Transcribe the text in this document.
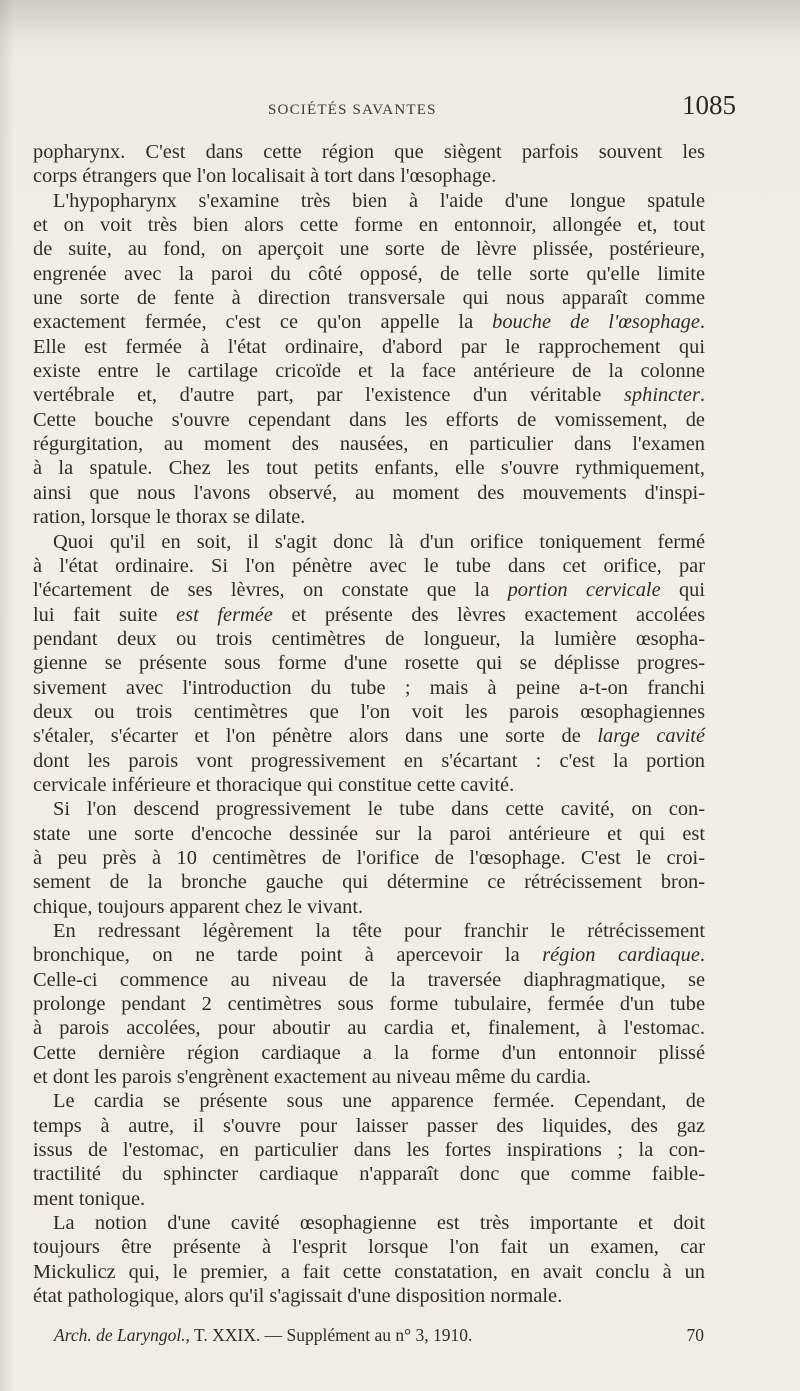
SOCIÉTÉS SAVANTES	1085

popharynx. C'est dans cette région que siègent parfois souvent les
corps étrangers que l'on localisait à tort dans l'œsophage.

L'hypopharynx s'examine très bien à l'aide d'une longue spatule
et on voit très bien alors cette forme en entonnoir, allongée et, tout
de suite, au fond, on aperçoit une sorte de lèvre plissée, postérieure,
engrenée avec la paroi du côté opposé, de telle sorte qu'elle limite
une sorte de fente à direction transversale qui nous apparaît comme
exactement fermée, c'est ce qu'on appelle la bouche de l'œsophage.
Elle est fermée à l'état ordinaire, d'abord par le rapprochement qui
existe entre le cartilage cricoïde et la face antérieure de la colonne
vertébrale et, d'autre part, par l'existence d'un véritable sphincter.
Cette bouche s'ouvre cependant dans les efforts de vomissement, de
régurgitation, au moment des nausées, en particulier dans l'examen
à la spatule. Chez les tout petits enfants, elle s'ouvre rythmiquement,
ainsi que nous l'avons observé, au moment des mouvements d'inspi-
ration, lorsque le thorax se dilate.

Quoi qu'il en soit, il s'agit donc là d'un orifice toniquement fermé
à l'état ordinaire. Si l'on pénètre avec le tube dans cet orifice, par
l'écartement de ses lèvres, on constate que la portion cervicale qui
lui fait suite est fermée et présente des lèvres exactement accolées
pendant deux ou trois centimètres de longueur, la lumière œsopha-
gienne se présente sous forme d'une rosette qui se déplisse progres-
sivement avec l'introduction du tube ; mais à peine a-t-on franchi
deux ou trois centimètres que l'on voit les parois œsophagiennes
s'étaler, s'écarter et l'on pénètre alors dans une sorte de large cavité
dont les parois vont progressivement en s'écartant : c'est la portion
cervicale inférieure et thoracique qui constitue cette cavité.

Si l'on descend progressivement le tube dans cette cavité, on con-
state une sorte d'encoche dessinée sur la paroi antérieure et qui est
à peu près à 10 centimètres de l'orifice de l'œsophage. C'est le croi-
sement de la bronche gauche qui détermine ce rétrécissement bron-
chique, toujours apparent chez le vivant.

En redressant légèrement la tête pour franchir le rétrécissement
bronchique, on ne tarde point à apercevoir la région cardiaque.
Celle-ci commence au niveau de la traversée diaphragmatique, se
prolonge pendant 2 centimètres sous forme tubulaire, fermée d'un tube
à parois accolées, pour aboutir au cardia et, finalement, à l'estomac.
Cette dernière région cardiaque a la forme d'un entonnoir plissé
et dont les parois s'engrènent exactement au niveau même du cardia.

Le cardia se présente sous une apparence fermée. Cependant, de
temps à autre, il s'ouvre pour laisser passer des liquides, des gaz
issus de l'estomac, en particulier dans les fortes inspirations ; la con-
tractilité du sphincter cardiaque n'apparaît donc que comme faible-
ment tonique.

La notion d'une cavité œsophagienne est très importante et doit
toujours être présente à l'esprit lorsque l'on fait un examen, car
Mickulicz qui, le premier, a fait cette constatation, en avait conclu à un
état pathologique, alors qu'il s'agissait d'une disposition normale.

Arch. de Laryngol., T. XXIX. — Supplément au n° 3, 1910.	70
